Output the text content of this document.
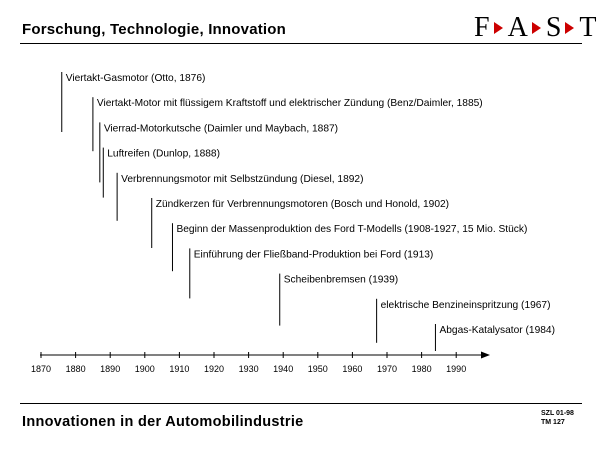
Forschung, Technologie, Innovation	F A S T
1870 1880 1890 1900 1910 1920 1930 1940 1950 1960 1970 1980 1990
Viertakt-Gasmotor (Otto, 1876)
Viertakt-Motor mit flüssigem Kraftstoff und elektrischer Zündung (Benz/Daimler, 1885)
Vierrad-Motorkutsche (Daimler und Maybach, 1887)
Luftreifen (Dunlop, 1888)
Verbrennungsmotor mit Selbstzündung (Diesel, 1892)
Zündkerzen für Verbrennungsmotoren (Bosch und Honold, 1902)
Beginn der Massenproduktion des Ford T-Modells (1908-1927, 15 Mio. Stück)
Einführung der Fließband-Produktion bei Ford (1913)
Scheibenbremsen (1939)
elektrische Benzineinspritzung (1967)
Abgas-Katalysator (1984)
Innovationen in der Automobilindustrie
SZL 01-98
TM 127
